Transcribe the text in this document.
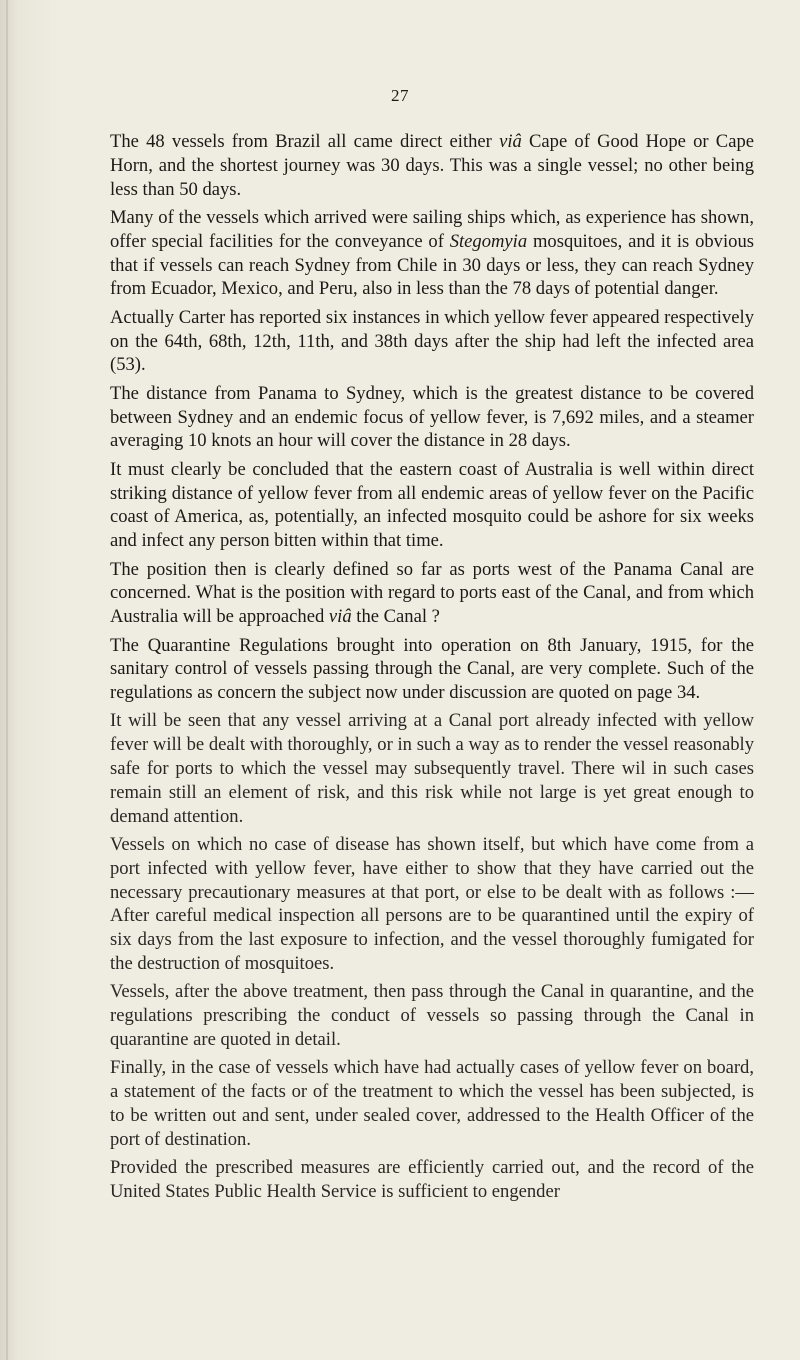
27

The 48 vessels from Brazil all came direct either viâ Cape of Good Hope or Cape Horn, and the shortest journey was 30 days. This was a single vessel; no other being less than 50 days.

Many of the vessels which arrived were sailing ships which, as experience has shown, offer special facilities for the conveyance of Stegomyia mosquitoes, and it is obvious that if vessels can reach Sydney from Chile in 30 days or less, they can reach Sydney from Ecuador, Mexico, and Peru, also in less than the 78 days of potential danger.

Actually Carter has reported six instances in which yellow fever appeared respectively on the 64th, 68th, 12th, 11th, and 38th days after the ship had left the infected area (53).

The distance from Panama to Sydney, which is the greatest distance to be covered between Sydney and an endemic focus of yellow fever, is 7,692 miles, and a steamer averaging 10 knots an hour will cover the distance in 28 days.

It must clearly be concluded that the eastern coast of Australia is well within direct striking distance of yellow fever from all endemic areas of yellow fever on the Pacific coast of America, as, potentially, an infected mosquito could be ashore for six weeks and infect any person bitten within that time.

The position then is clearly defined so far as ports west of the Panama Canal are concerned. What is the position with regard to ports east of the Canal, and from which Australia will be approached viâ the Canal ?

The Quarantine Regulations brought into operation on 8th January, 1915, for the sanitary control of vessels passing through the Canal, are very complete. Such of the regulations as concern the subject now under discussion are quoted on page 34.

It will be seen that any vessel arriving at a Canal port already infected with yellow fever will be dealt with thoroughly, or in such a way as to render the vessel reasonably safe for ports to which the vessel may subsequently travel. There wil in such cases remain still an element of risk, and this risk while not large is yet great enough to demand attention.

Vessels on which no case of disease has shown itself, but which have come from a port infected with yellow fever, have either to show that they have carried out the necessary precautionary measures at that port, or else to be dealt with as follows :—After careful medical inspection all persons are to be quarantined until the expiry of six days from the last exposure to infection, and the vessel thoroughly fumigated for the destruction of mosquitoes.

Vessels, after the above treatment, then pass through the Canal in quarantine, and the regulations prescribing the conduct of vessels so passing through the Canal in quarantine are quoted in detail.

Finally, in the case of vessels which have had actually cases of yellow fever on board, a statement of the facts or of the treatment to which the vessel has been subjected, is to be written out and sent, under sealed cover, addressed to the Health Officer of the port of destination.

Provided the prescribed measures are efficiently carried out, and the record of the United States Public Health Service is sufficient to engender
